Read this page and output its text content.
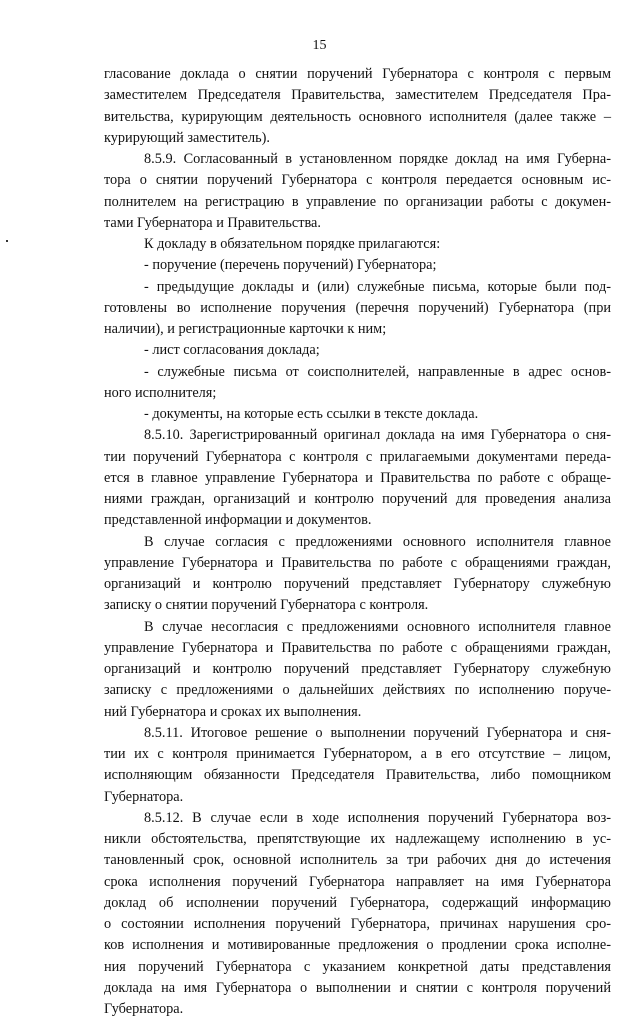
15
гласование доклада о снятии поручений Губернатора с контроля с первым
заместителем Председателя Правительства, заместителем Председателя Пра-
вительства, курирующим деятельность основного исполнителя (далее также –
курирующий заместитель).
8.5.9. Согласованный в установленном порядке доклад на имя Губерна-
тора о снятии поручений Губернатора с контроля передается основным ис-
полнителем на регистрацию в управление по организации работы с докумен-
тами Губернатора и Правительства.
К докладу в обязательном порядке прилагаются:
- поручение (перечень поручений) Губернатора;
- предыдущие доклады и (или) служебные письма, которые были под-
готовлены во исполнение поручения (перечня поручений) Губернатора (при
наличии), и регистрационные карточки к ним;
- лист согласования доклада;
- служебные письма от соисполнителей, направленные в адрес основ-
ного исполнителя;
- документы, на которые есть ссылки в тексте доклада.
8.5.10. Зарегистрированный оригинал доклада на имя Губернатора о сня-
тии поручений Губернатора с контроля с прилагаемыми документами переда-
ется в главное управление Губернатора и Правительства по работе с обраще-
ниями граждан, организаций и контролю поручений для проведения анализа
представленной информации и документов.
В случае согласия с предложениями основного исполнителя главное
управление Губернатора и Правительства по работе с обращениями граждан,
организаций и контролю поручений представляет Губернатору служебную
записку о снятии поручений Губернатора с контроля.
В случае несогласия с предложениями основного исполнителя главное
управление Губернатора и Правительства по работе с обращениями граждан,
организаций и контролю поручений представляет Губернатору служебную
записку с предложениями о дальнейших действиях по исполнению поруче-
ний Губернатора и сроках их выполнения.
8.5.11. Итоговое решение о выполнении поручений Губернатора и сня-
тии их с контроля принимается Губернатором, а в его отсутствие – лицом,
исполняющим обязанности Председателя Правительства, либо помощником
Губернатора.
8.5.12. В случае если в ходе исполнения поручений Губернатора воз-
никли обстоятельства, препятствующие их надлежащему исполнению в ус-
тановленный срок, основной исполнитель за три рабочих дня до истечения
срока исполнения поручений Губернатора направляет на имя Губернатора
доклад об исполнении поручений Губернатора, содержащий информацию
о состоянии исполнения поручений Губернатора, причинах нарушения сро-
ков исполнения и мотивированные предложения о продлении срока исполне-
ния поручений Губернатора с указанием конкретной даты представления
доклада на имя Губернатора о выполнении и снятии с контроля поручений
Губернатора.
